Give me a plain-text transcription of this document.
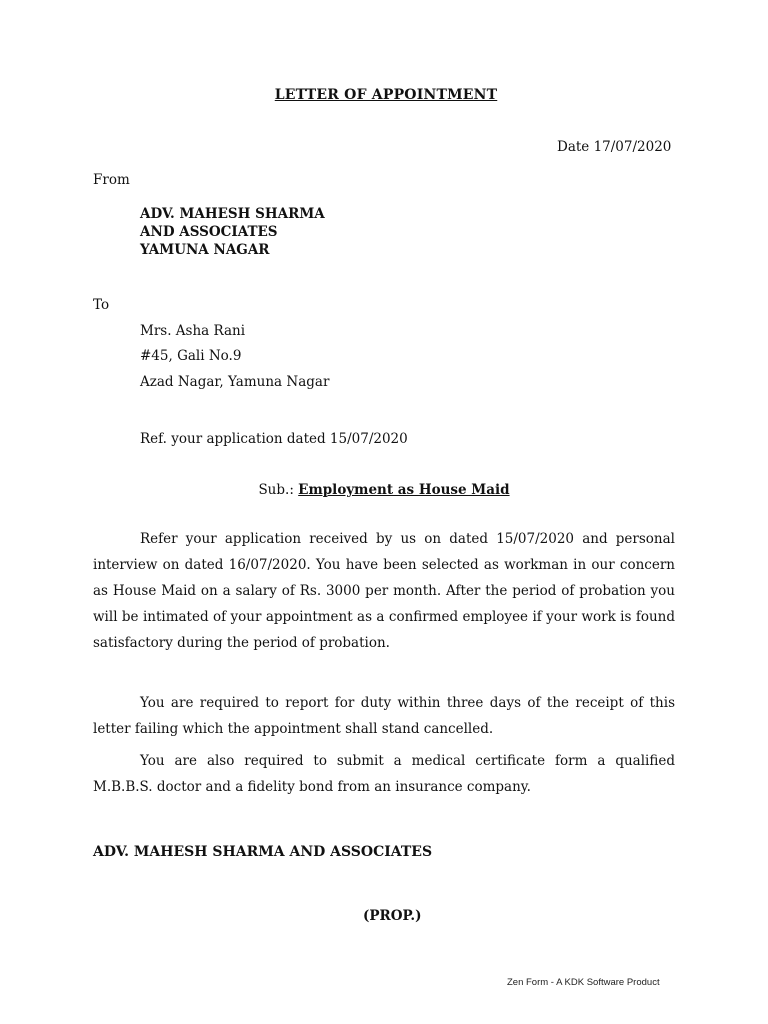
LETTER OF APPOINTMENT
Date 17/07/2020
From
ADV. MAHESH SHARMA
AND ASSOCIATES
YAMUNA NAGAR
To
Mrs. Asha Rani
#45, Gali No.9
Azad Nagar, Yamuna Nagar
Ref. your application dated 15/07/2020
Sub.: Employment as House Maid
Refer your application received by us on dated 15/07/2020 and personal interview on dated 16/07/2020. You have been selected as workman in our concern as House Maid on a salary of Rs. 3000 per month. After the period of probation you will be intimated of your appointment as a confirmed employee if your work is found satisfactory during the period of probation.
You are required to report for duty within three days of the receipt of this letter failing which the appointment shall stand cancelled.
You are also required to submit a medical certificate form a qualified M.B.B.S. doctor and a fidelity bond from an insurance company.
ADV. MAHESH SHARMA AND ASSOCIATES
(PROP.)
Zen Form - A KDK Software Product
